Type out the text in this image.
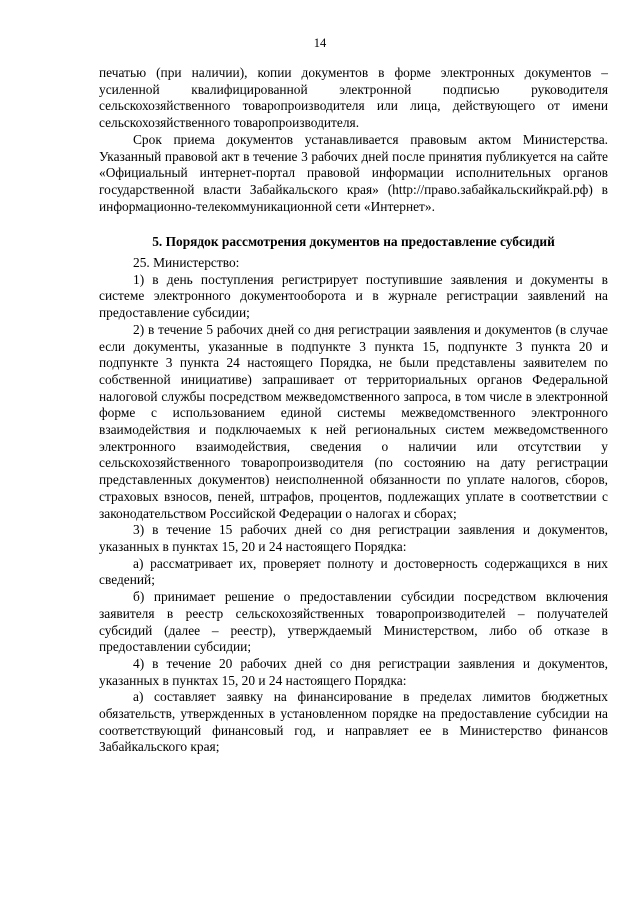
14

печатью (при наличии), копии документов в форме электронных документов – усиленной квалифицированной электронной подписью руководителя сельскохозяйственного товаропроизводителя или лица, действующего от имени сельскохозяйственного товаропроизводителя.

Срок приема документов устанавливается правовым актом Министерства. Указанный правовой акт в течение 3 рабочих дней после принятия публикуется на сайте «Официальный интернет-портал правовой информации исполнительных органов государственной власти Забайкальского края» (http://право.забайкальскийкрай.рф) в информационно-телекоммуникационной сети «Интернет».

5. Порядок рассмотрения документов на предоставление субсидий

25. Министерство:

1) в день поступления регистрирует поступившие заявления и документы в системе электронного документооборота и в журнале регистрации заявлений на предоставление субсидии;

2) в течение 5 рабочих дней со дня регистрации заявления и документов (в случае если документы, указанные в подпункте 3 пункта 15, подпункте 3 пункта 20 и подпункте 3 пункта 24 настоящего Порядка, не были представлены заявителем по собственной инициативе) запрашивает от территориальных органов Федеральной налоговой службы посредством межведомственного запроса, в том числе в электронной форме с использованием единой системы межведомственного электронного взаимодействия и подключаемых к ней региональных систем межведомственного электронного взаимодействия, сведения о наличии или отсутствии у сельскохозяйственного товаропроизводителя (по состоянию на дату регистрации представленных документов) неисполненной обязанности по уплате налогов, сборов, страховых взносов, пеней, штрафов, процентов, подлежащих уплате в соответствии с законодательством Российской Федерации о налогах и сборах;

3) в течение 15 рабочих дней со дня регистрации заявления и документов, указанных в пунктах 15, 20 и 24 настоящего Порядка:

а) рассматривает их, проверяет полноту и достоверность содержащихся в них сведений;

б) принимает решение о предоставлении субсидии посредством включения заявителя в реестр сельскохозяйственных товаропроизводителей – получателей субсидий (далее – реестр), утверждаемый Министерством, либо об отказе в предоставлении субсидии;

4) в течение 20 рабочих дней со дня регистрации заявления и документов, указанных в пунктах 15, 20 и 24 настоящего Порядка:

а) составляет заявку на финансирование в пределах лимитов бюджетных обязательств, утвержденных в установленном порядке на предоставление субсидии на соответствующий финансовый год, и направляет ее в Министерство финансов Забайкальского края;
